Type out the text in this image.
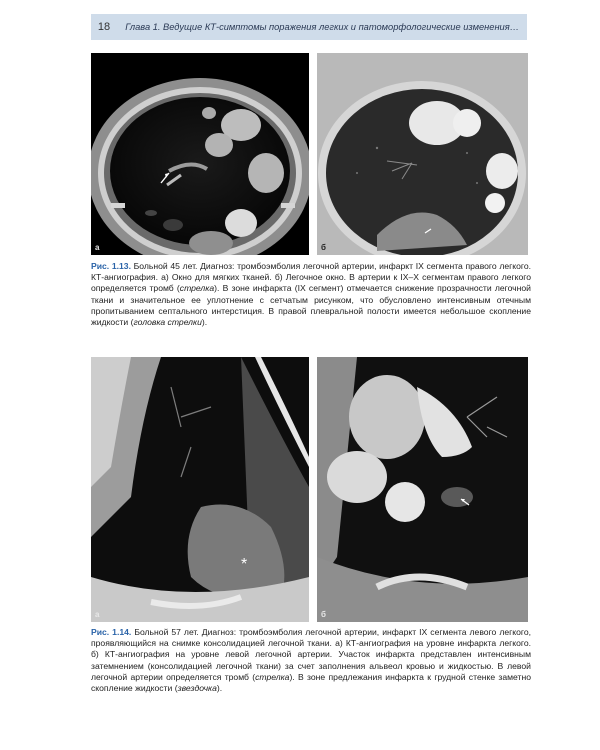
18	Глава 1. Ведущие КТ-симптомы поражения легких и патоморфологические изменения…
а	б

Рис. 1.13. Больной 45 лет. Диагноз: тромбоэмболия легочной артерии, инфаркт IX сегмента правого легкого. КТ-ангиография. а) Окно для мягких тканей. б) Легочное окно. В артерии к IX–X сегментам правого легкого определяется тромб (стрелка). В зоне инфаркта (IX сегмент) отмечается снижение прозрачности легочной ткани и значительное ее уплотнение с сетчатым рисунком, что обусловлено интенсивным отечным пропитыванием септального интерстиция. В правой плевральной полости имеется небольшое скопление жидкости (головка стрелки).

*
а	б

Рис. 1.14. Больной 57 лет. Диагноз: тромбоэмболия легочной артерии, инфаркт IX сегмента левого легкого, проявляющийся на снимке консолидацией легочной ткани. а) КТ-ангиография на уровне инфаркта легкого. б) КТ-ангиография на уровне левой легочной артерии. Участок инфаркта представлен интенсивным затемнением (консолидацией легочной ткани) за счет заполнения альвеол кровью и жидкостью. В левой легочной артерии определяется тромб (стрелка). В зоне предлежания инфаркта к грудной стенке заметно скопление жидкости (звездочка).
